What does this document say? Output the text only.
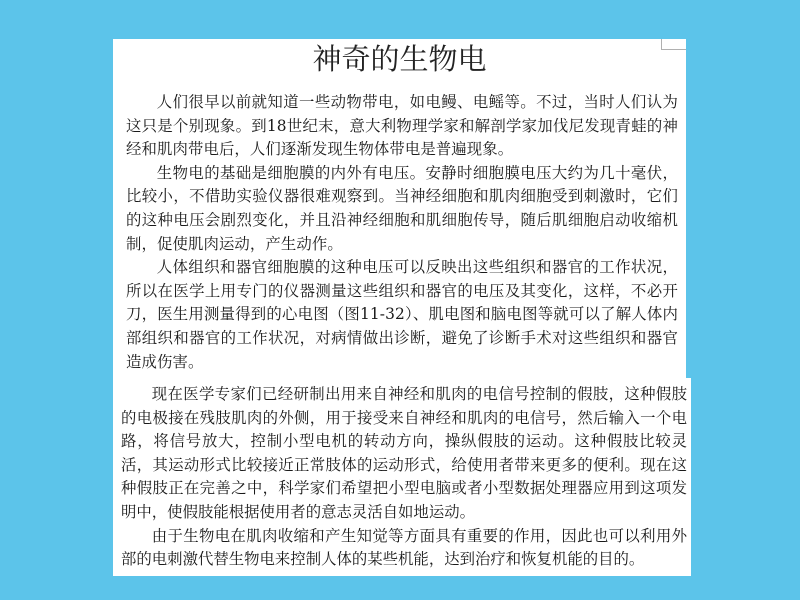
神奇的生物电

人们很早以前就知道一些动物带电，如电鳗、电鳐等。不过，当时人们认为这只是个别现象。到18世纪末，意大利物理学家和解剖学家加伐尼发现青蛙的神经和肌肉带电后，人们逐渐发现生物体带电是普遍现象。

生物电的基础是细胞膜的内外有电压。安静时细胞膜电压大约为几十毫伏，比较小，不借助实验仪器很难观察到。当神经细胞和肌肉细胞受到刺激时，它们的这种电压会剧烈变化，并且沿神经细胞和肌细胞传导，随后肌细胞启动收缩机制，促使肌肉运动，产生动作。

人体组织和器官细胞膜的这种电压可以反映出这些组织和器官的工作状况，所以在医学上用专门的仪器测量这些组织和器官的电压及其变化，这样，不必开刀，医生用测量得到的心电图（图11-32）、肌电图和脑电图等就可以了解人体内部组织和器官的工作状况，对病情做出诊断，避免了诊断手术对这些组织和器官造成伤害。

现在医学专家们已经研制出用来自神经和肌肉的电信号控制的假肢，这种假肢的电极接在残肢肌肉的外侧，用于接受来自神经和肌肉的电信号，然后输入一个电路，将信号放大，控制小型电机的转动方向，操纵假肢的运动。这种假肢比较灵活，其运动形式比较接近正常肢体的运动形式，给使用者带来更多的便利。现在这种假肢正在完善之中，科学家们希望把小型电脑或者小型数据处理器应用到这项发明中，使假肢能根据使用者的意志灵活自如地运动。

由于生物电在肌肉收缩和产生知觉等方面具有重要的作用，因此也可以利用外部的电刺激代替生物电来控制人体的某些机能，达到治疗和恢复机能的目的。
